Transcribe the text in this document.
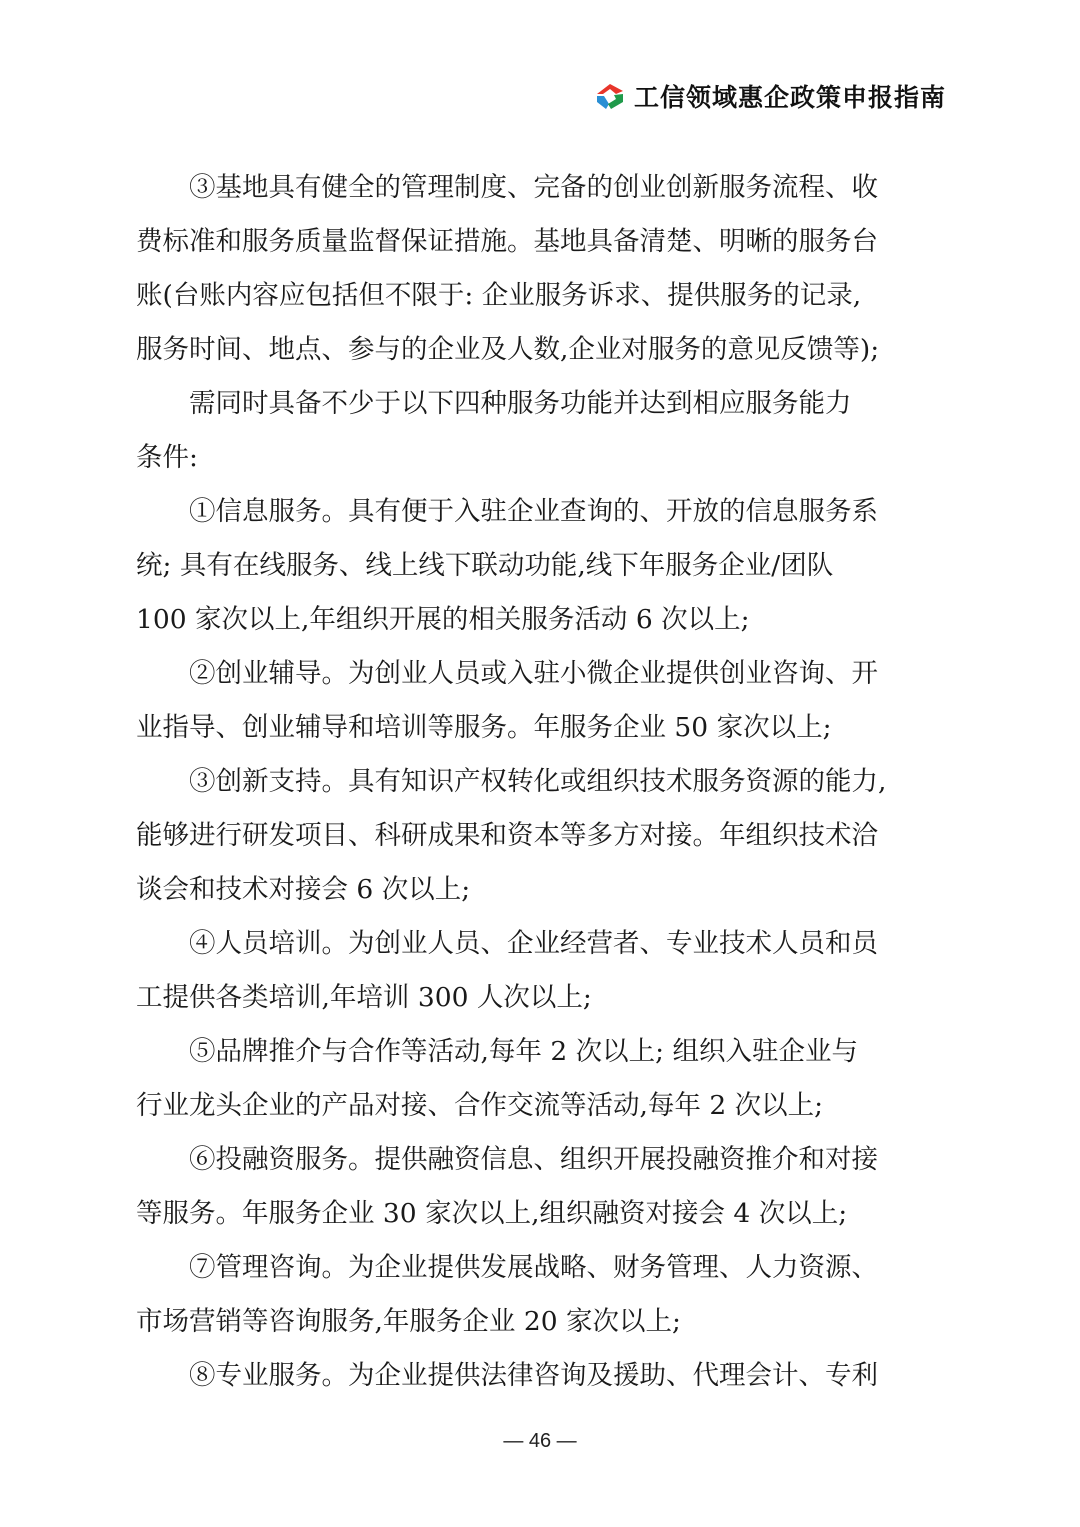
工信领域惠企政策申报指南
③基地具有健全的管理制度、完备的创业创新服务流程、收
费标准和服务质量监督保证措施。基地具备清楚、明晰的服务台
账(台账内容应包括但不限于: 企业服务诉求、提供服务的记录,
服务时间、地点、参与的企业及人数,企业对服务的意见反馈等);
需同时具备不少于以下四种服务功能并达到相应服务能力
条件:
①信息服务。具有便于入驻企业查询的、开放的信息服务系
统; 具有在线服务、线上线下联动功能,线下年服务企业/团队
100 家次以上,年组织开展的相关服务活动 6 次以上;
②创业辅导。为创业人员或入驻小微企业提供创业咨询、开
业指导、创业辅导和培训等服务。年服务企业 50 家次以上;
③创新支持。具有知识产权转化或组织技术服务资源的能力,
能够进行研发项目、科研成果和资本等多方对接。年组织技术洽
谈会和技术对接会 6 次以上;
④人员培训。为创业人员、企业经营者、专业技术人员和员
工提供各类培训,年培训 300 人次以上;
⑤品牌推介与合作等活动,每年 2 次以上; 组织入驻企业与
行业龙头企业的产品对接、合作交流等活动,每年 2 次以上;
⑥投融资服务。提供融资信息、组织开展投融资推介和对接
等服务。年服务企业 30 家次以上,组织融资对接会 4 次以上;
⑦管理咨询。为企业提供发展战略、财务管理、人力资源、
市场营销等咨询服务,年服务企业 20 家次以上;
⑧专业服务。为企业提供法律咨询及援助、代理会计、专利
— 46 —
